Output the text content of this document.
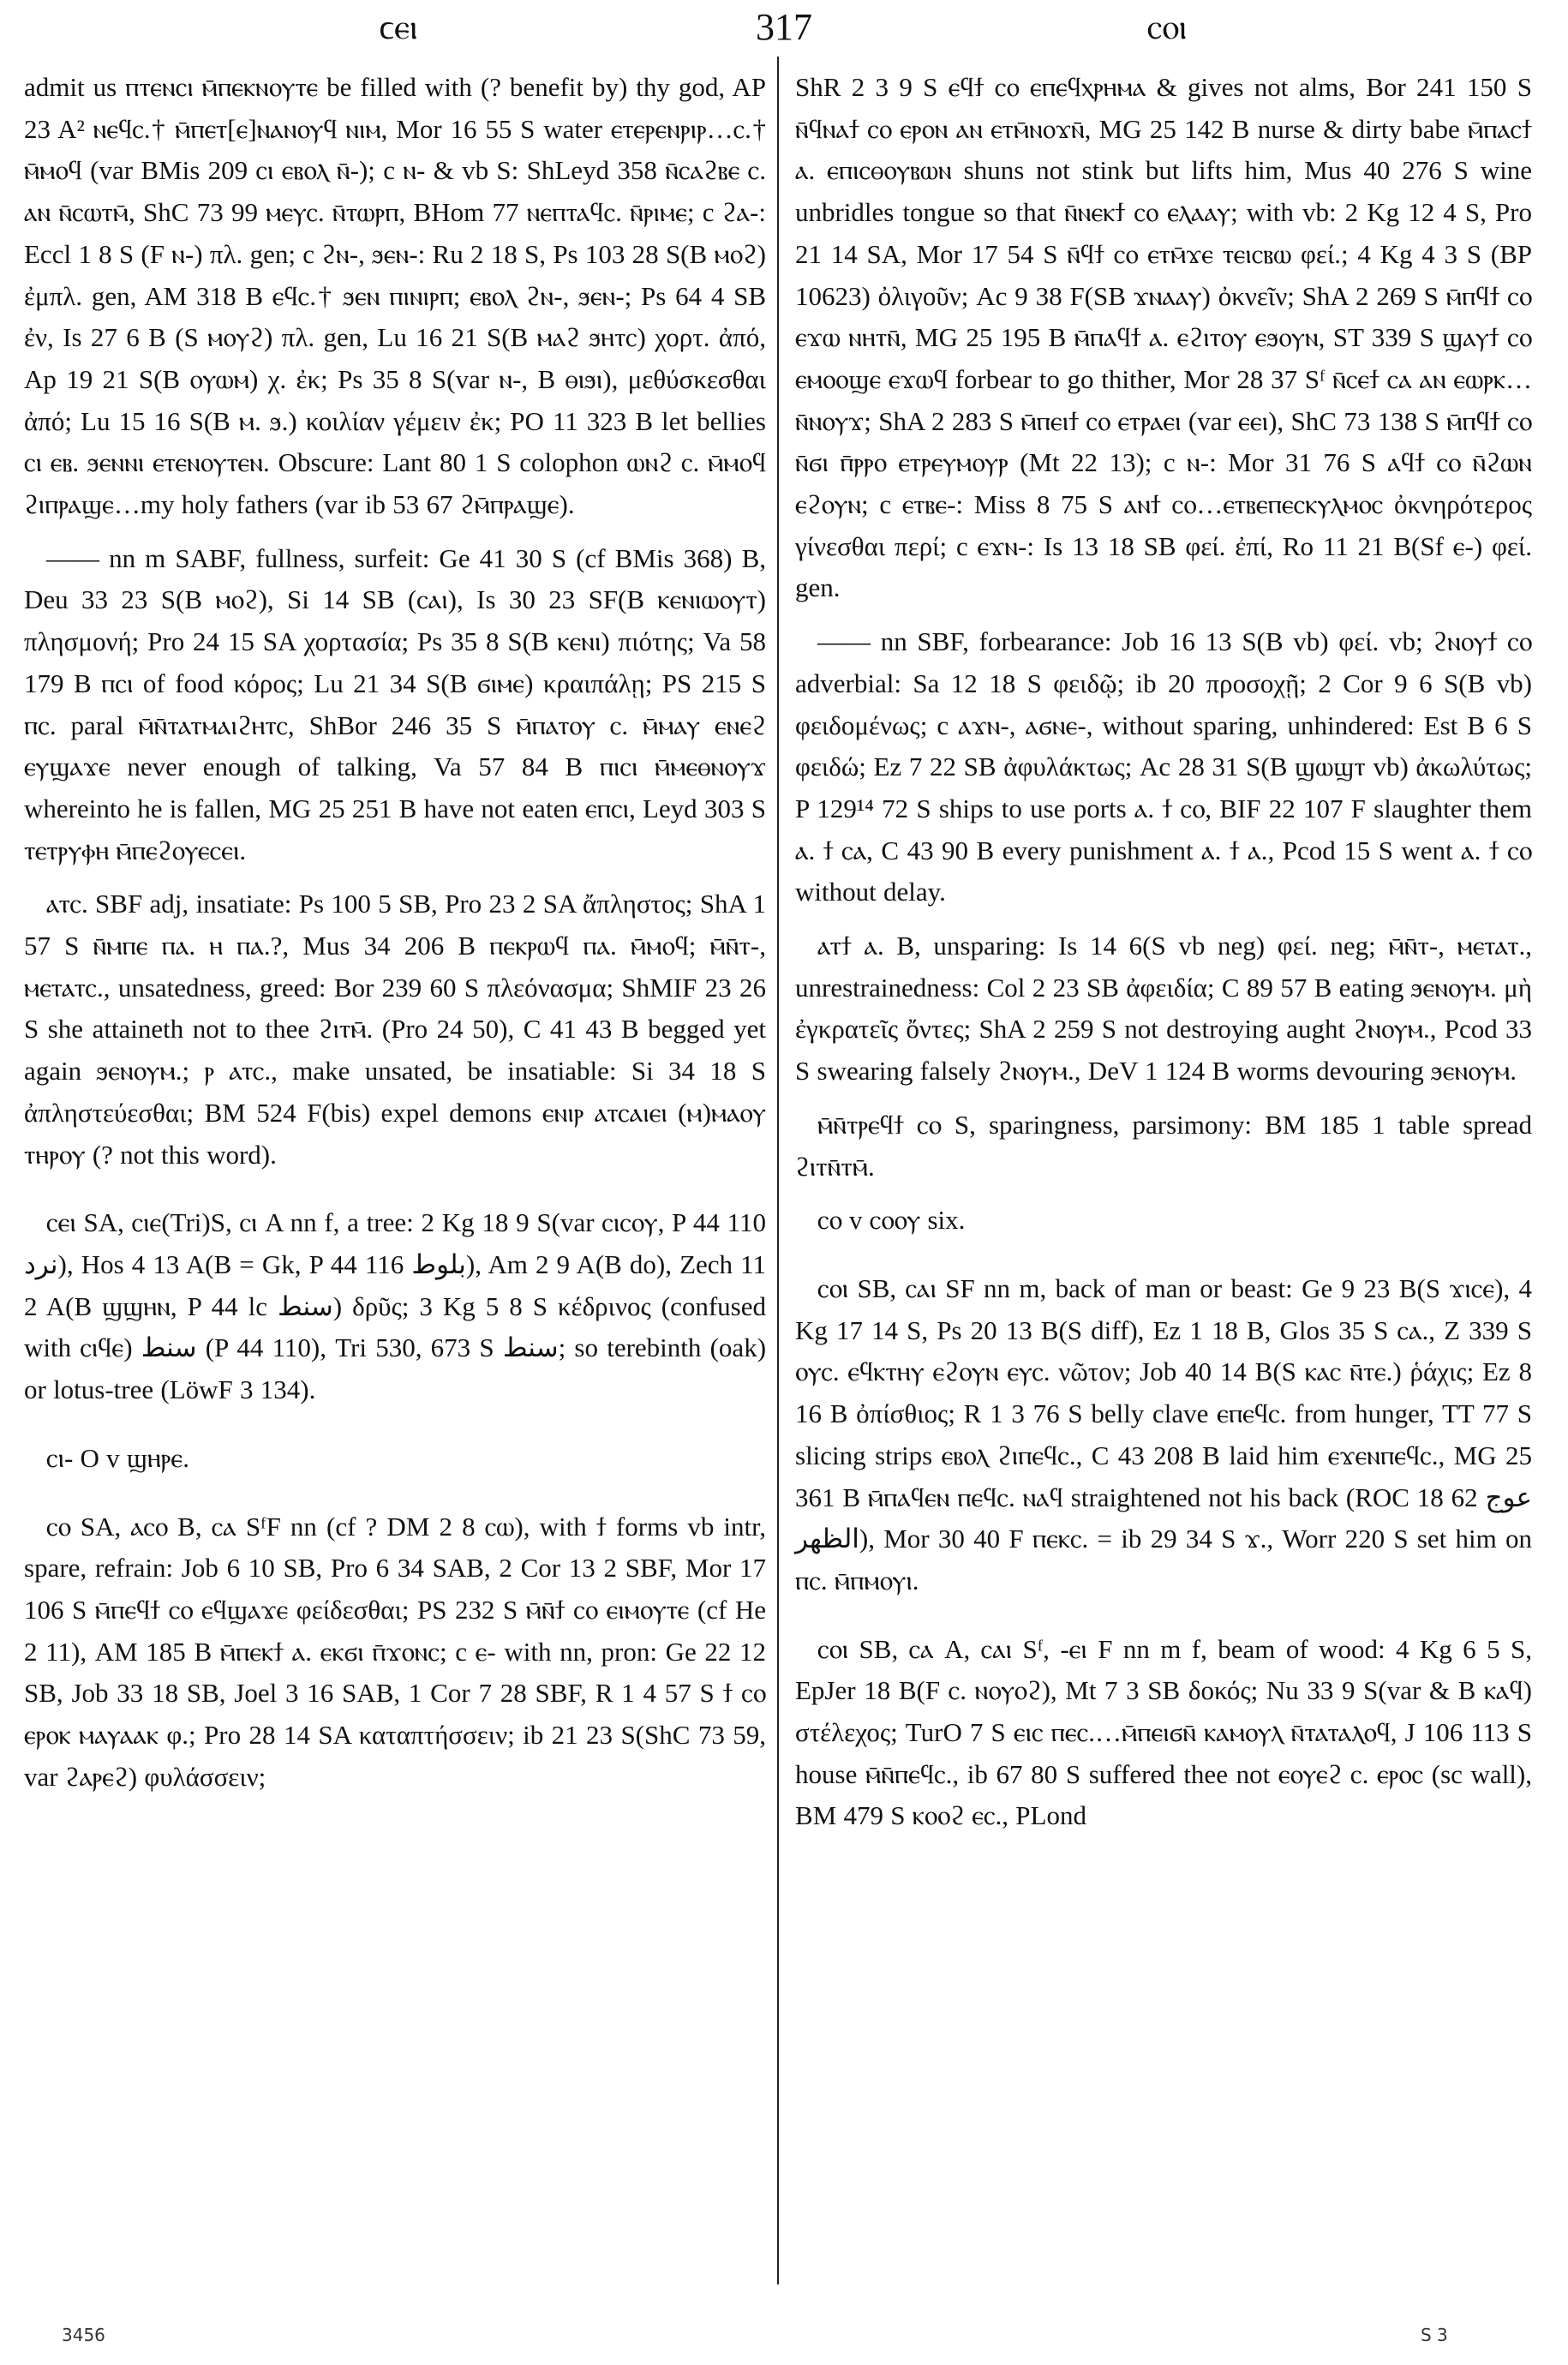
ϲⲉⲓ	317	ⲥⲟⲓ

admit us ⲡⲧⲉⲛⲥⲓ ⲙ̄ⲡⲉⲕⲛⲟⲩⲧⲉ be filled with (? benefit by) thy god, AP 23 A² ⲛⲉϥⲥ.† ⲙ̄ⲡⲉⲧ[ⲉ]ⲛⲁⲛⲟⲩϥ ⲛⲓⲙ, Mor 16 55 S water ⲉⲧⲉⲣⲉⲛⲣⲓⲣ…ⲥ.† ⲙ̄ⲙⲟϥ (var BMis 209 ⲥⲓ ⲉⲃⲟⲗ ⲛ̄-); c ⲛ- & vb S: ShLeyd 358 ⲛ̄ⲥⲁϩⲃⲉ ⲥ. ⲁⲛ ⲛ̄ⲥⲱⲧⲙ̄, ShC 73 99 ⲙⲉⲩⲥ. ⲛ̄ⲧⲱⲣⲡ, BHom 77 ⲛⲉⲡⲧⲁϥⲥ. ⲛ̄ⲣⲓⲙⲉ; c ϩⲁ-: Eccl 1 8 S (F ⲛ-) πλ. gen; c ϩⲛ-, ϧⲉⲛ-: Ru 2 18 S, Ps 103 28 S(B ⲙⲟϩ) ἐμπλ. gen, AM 318 B ⲉϥⲥ.† ϧⲉⲛ ⲡⲓⲛⲓⲣⲡ; ⲉⲃⲟⲗ ϩⲛ-, ϧⲉⲛ-; Ps 64 4 SB ἐν, Is 27 6 B (S ⲙⲟⲩϩ) πλ. gen, Lu 16 21 S(B ⲙⲁϩ ϧⲏⲧⲥ) χορτ. ἀπό, Ap 19 21 S(B ⲟⲩⲱⲙ) χ. ἐκ; Ps 35 8 S(var ⲛ-, B ⲑⲓϧⲓ), μεθύσκεσθαι ἀπό; Lu 15 16 S(B ⲙ. ϧ.) κοιλίαν γέμειν ἐκ; PO 11 323 B let bellies ⲥⲓ ⲉⲃ. ϧⲉⲛⲛⲓ ⲉⲧⲉⲛⲟⲩⲧⲉⲛ. Obscure: Lant 80 1 S colophon ⲱⲛϩ ⲥ. ⲙ̄ⲙⲟϥ ϩⲓⲡⲣⲁϣⲉ…my holy fathers (var ib 53 67 ϩⲙ̄ⲡⲣⲁϣⲉ).

—— nn m SABF, fullness, surfeit: Ge 41 30 S (cf BMis 368) B, Deu 33 23 S(B ⲙⲟϩ), Si 14 SB (ⲥⲁⲓ), Is 30 23 SF(B ⲕⲉⲛⲓⲱⲟⲩⲧ) πλησμονή; Pro 24 15 SA χορτασία; Ps 35 8 S(B ⲕⲉⲛⲓ) πιότης; Va 58 179 B ⲡⲥⲓ of food κόρος; Lu 21 34 S(B ϭⲓⲙⲉ) κραιπάλῃ; PS 215 S ⲡⲥ. paral ⲙ̄ⲛ̄ⲧⲁⲧⲙⲁⲓϩⲏⲧⲥ, ShBor 246 35 S ⲙ̄ⲡⲁⲧⲟⲩ ⲥ. ⲙ̄ⲙⲁⲩ ⲉⲛⲉϩ ⲉⲩϣⲁϫⲉ never enough of talking, Va 57 84 B ⲡⲓⲥⲓ ⲙ̄ⲙⲉⲑⲛⲟⲩϫ whereinto he is fallen, MG 25 251 B have not eaten ⲉⲡⲥⲓ, Leyd 303 S ⲧⲉⲧⲣⲩⲫⲏ ⲙ̄ⲡⲉϩⲟⲩⲉⲥⲉⲓ.

ⲁⲧⲥ. SBF adj, insatiate: Ps 100 5 SB, Pro 23 2 SA ἄπληστος; ShA 1 57 S ⲛ̄ⲙⲡⲉ ⲡⲁ. ⲏ ⲡⲁ.?, Mus 34 206 B ⲡⲉⲕⲣⲱϥ ⲡⲁ. ⲙ̄ⲙⲟϥ; ⲙ̄ⲛ̄ⲧ-, ⲙⲉⲧⲁⲧⲥ., unsatedness, greed: Bor 239 60 S πλεόνασμα; ShMIF 23 26 S she attaineth not to thee ϩⲓⲧⲙ̄. (Pro 24 50), C 41 43 B begged yet again ϧⲉⲛⲟⲩⲙ.; ⲣ ⲁⲧⲥ., make unsated, be insatiable: Si 34 18 S ἀπληστεύεσθαι; BM 524 F(bis) expel demons ⲉⲛⲓⲣ ⲁⲧⲥⲁⲓⲉⲓ (ⲙ)ⲙⲁⲟⲩ ⲧⲏⲣⲟⲩ (? not this word).

ⲥⲉⲓ SA, ⲥⲓⲉ(Tri)S, ⲥⲓ A nn f, a tree: 2 Kg 18 9 S(var ⲥⲓⲥⲟⲩ, P 44 110 ﻧﺮﺩ), Hos 4 13 A(B = Gk, P 44 116 ﺑﻠﻮﻁ), Am 2 9 A(B do), Zech 11 2 A(B ϣϣⲏⲛ, P 44 lc ﺳﻨﻂ) δρῦς; 3 Kg 5 8 S κέδρινος (confused with ⲥⲓϥⲉ) ﺳﻨﻂ (P 44 110), Tri 530, 673 S ﺳﻨﻂ; so terebinth (oak) or lotus-tree (LöwF 3 134).

ⲥⲓ- O v ϣⲏⲣⲉ.

ⲥⲟ SA, ⲁⲥⲟ B, ⲥⲁ SᶠF nn (cf ? DM 2 8 ⲥⲱ), with ϯ forms vb intr, spare, refrain: Job 6 10 SB, Pro 6 34 SAB, 2 Cor 13 2 SBF, Mor 17 106 S ⲙ̄ⲡⲉϥϯ ⲥⲟ ⲉϥϣⲁϫⲉ φείδεσθαι; PS 232 S ⲙ̄ⲛ̄ϯ ⲥⲟ ⲉⲓⲙⲟⲩⲧⲉ (cf He 2 11), AM 185 B ⲙ̄ⲡⲉⲕϯ ⲁ. ⲉⲕϭⲓ ⲡ̄ϫⲟⲛⲥ; c ⲉ- with nn, pron: Ge 22 12 SB, Job 33 18 SB, Joel 3 16 SAB, 1 Cor 7 28 SBF, R 1 4 57 S ϯ ⲥⲟ ⲉⲣⲟⲕ ⲙⲁⲩⲁⲁⲕ φ.; Pro 28 14 SA καταπτήσσειν; ib 21 23 S(ShC 73 59, var ϩⲁⲣⲉϩ) φυλάσσειν;

ShR 2 3 9 S ⲉϥϯ ⲥⲟ ⲉⲡⲉϥⲭⲣⲏⲙⲁ & gives not alms, Bor 241 150 S ⲛ̄ϥⲛⲁϯ ⲥⲟ ⲉⲣⲟⲛ ⲁⲛ ⲉⲧⲙ̄ⲛⲟϫⲛ̄, MG 25 142 B nurse & dirty babe ⲙ̄ⲡⲁⲥϯ ⲁ. ⲉⲡⲓⲥⲑⲟⲩⲃⲱⲛ shuns not stink but lifts him, Mus 40 276 S wine unbridles tongue so that ⲛ̄ⲛⲉⲕϯ ⲥⲟ ⲉⲗⲁⲁⲩ; with vb: 2 Kg 12 4 S, Pro 21 14 SA, Mor 17 54 S ⲛ̄ϥϯ ⲥⲟ ⲉⲧⲙ̄ϫⲉ ⲧⲉⲓⲥⲃⲱ φεί.; 4 Kg 4 3 S (BP 10623) ὀλιγοῦν; Ac 9 38 F(SB ϫⲛⲁⲁⲩ) ὀκνεῖν; ShA 2 269 S ⲙ̄ⲡϥϯ ⲥⲟ ⲉϫⲱ ⲛⲏⲧⲛ̄, MG 25 195 B ⲙ̄ⲡⲁϥϯ ⲁ. ⲉϩⲓⲧⲟⲩ ⲉϧⲟⲩⲛ, ST 339 S ϣⲁⲩϯ ⲥⲟ ⲉⲙⲟⲟϣⲉ ⲉϫⲱϥ forbear to go thither, Mor 28 37 Sᶠ ⲛ̄ⲥⲉϯ ⲥⲁ ⲁⲛ ⲉⲱⲣⲕ…ⲛ̄ⲛⲟⲩϫ; ShA 2 283 S ⲙ̄ⲡⲉⲓϯ ⲥⲟ ⲉⲧⲣⲁⲉⲓ (var ⲉⲉⲓ), ShC 73 138 S ⲙ̄ⲡϥϯ ⲥⲟ ⲛ̄ϭⲓ ⲡ̄ⲣⲣⲟ ⲉⲧⲣⲉⲩⲙⲟⲩⲣ (Mt 22 13); c ⲛ-: Mor 31 76 S ⲁϥϯ ⲥⲟ ⲛ̄ϩⲱⲛ ⲉϩⲟⲩⲛ; c ⲉⲧⲃⲉ-: Miss 8 75 S ⲁⲛϯ ⲥⲟ…ⲉⲧⲃⲉⲡⲉⲥⲕⲩⲗⲙⲟⲥ ὀκνηρότερος γίνεσθαι περί; c ⲉϫⲛ-: Is 13 18 SB φεί. ἐπί, Ro 11 21 B(Sf ⲉ-) φεί. gen.

—— nn SBF, forbearance: Job 16 13 S(B vb) φεί. vb; ϩⲛⲟⲩϯ ⲥⲟ adverbial: Sa 12 18 S φειδῷ; ib 20 προσοχῇ; 2 Cor 9 6 S(B vb) φειδομένως; c ⲁϫⲛ-, ⲁϭⲛⲉ-, without sparing, unhindered: Est B 6 S φειδώ; Ez 7 22 SB ἀφυλάκτως; Ac 28 31 S(B ϣⲱϣⲧ vb) ἀκωλύτως; P 129¹⁴ 72 S ships to use ports ⲁ. ϯ ⲥⲟ, BIF 22 107 F slaughter them ⲁ. ϯ ⲥⲁ, C 43 90 B every punishment ⲁ. ϯ ⲁ., Pcod 15 S went ⲁ. ϯ ⲥⲟ without delay.

ⲁⲧϯ ⲁ. B, unsparing: Is 14 6(S vb neg) φεί. neg; ⲙ̄ⲛ̄ⲧ-, ⲙⲉⲧⲁⲧ., unrestrainedness: Col 2 23 SB ἀφειδία; C 89 57 B eating ϧⲉⲛⲟⲩⲙ. μὴ ἐγκρατεῖς ὄντες; ShA 2 259 S not destroying aught ϩⲛⲟⲩⲙ., Pcod 33 S swearing falsely ϩⲛⲟⲩⲙ., DeV 1 124 B worms devouring ϧⲉⲛⲟⲩⲙ.

ⲙ̄ⲛ̄ⲧⲣⲉϥϯ ⲥⲟ S, sparingness, parsimony: BM 185 1 table spread ϩⲓⲧⲛ̄ⲧⲙ̄.

ⲥⲟ v ⲥⲟⲟⲩ six.

ⲥⲟⲓ SB, ⲥⲁⲓ SF nn m, back of man or beast: Ge 9 23 B(S ϫⲓⲥⲉ), 4 Kg 17 14 S, Ps 20 13 B(S diff), Ez 1 18 B, Glos 35 S ⲥⲁ., Z 339 S ⲟⲩⲥ. ⲉϥⲕⲧⲏⲩ ⲉϩⲟⲩⲛ ⲉⲩⲥ. νῶτον; Job 40 14 B(S ⲕⲁⲥ ⲛ̄ⲧⲉ.) ῥάχις; Ez 8 16 B ὀπίσθιος; R 1 3 76 S belly clave ⲉⲡⲉϥⲥ. from hunger, TT 77 S slicing strips ⲉⲃⲟⲗ ϩⲓⲡⲉϥⲥ., C 43 208 B laid him ⲉϫⲉⲛⲡⲉϥⲥ., MG 25 361 B ⲙ̄ⲡⲁϥⲉⲛ ⲡⲉϥⲥ. ⲛⲁϥ straightened not his back (ROC 18 62 ﻋﻮﺝ ﺍﻟﻈﻬﺮ), Mor 30 40 F ⲡⲉⲕⲥ. = ib 29 34 S ϫ., Worr 220 S set him on ⲡⲥ. ⲙ̄ⲡⲙⲟⲩⲓ.

ⲥⲟⲓ SB, ⲥⲁ A, ⲥⲁⲓ Sᶠ, -ⲉⲓ F nn m f, beam of wood: 4 Kg 6 5 S, EpJer 18 B(F ⲥ. ⲛⲟⲩⲟϩ), Mt 7 3 SB δοκός; Nu 33 9 S(var & B ⲕⲁϥ) στέλεχος; TurO 7 S ⲉⲓⲥ ⲡⲉⲥ.…ⲙ̄ⲡⲉⲓϭⲛ̄ ⲕⲁⲙⲟⲩⲗ ⲛ̄ⲧⲁⲧⲁⲗⲟϥ, J 106 113 S house ⲙ̄ⲛ̄ⲡⲉϥⲥ., ib 67 80 S suffered thee not ⲉⲟⲩⲉϩ ⲥ. ⲉⲣⲟⲥ (sc wall), BM 479 S ⲕⲟⲟϩ ⲉⲥ., PLond

3456	S 3
